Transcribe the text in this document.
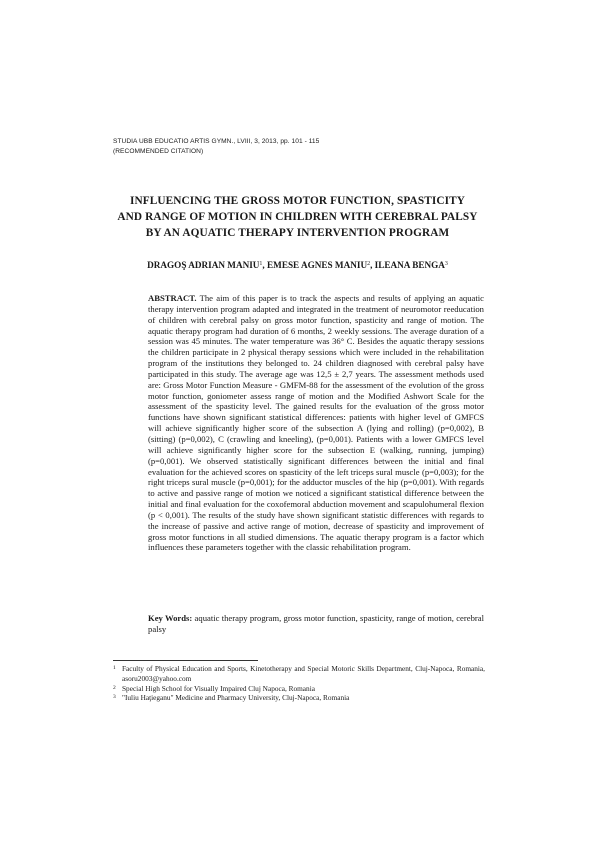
STUDIA UBB EDUCATIO ARTIS GYMN., LVIII, 3, 2013, pp. 101 - 115
(RECOMMENDED CITATION)
INFLUENCING THE GROSS MOTOR FUNCTION, SPASTICITY
AND RANGE OF MOTION IN CHILDREN WITH CEREBRAL PALSY
BY AN AQUATIC THERAPY INTERVENTION PROGRAM
DRAGOŞ ADRIAN MANIU$^1$, EMESE AGNES MANIU$^2$, ILEANA BENGA$^3$
ABSTRACT. The aim of this paper is to track the aspects and results of applying an aquatic therapy intervention program adapted and integrated in the treatment of neuromotor reeducation of children with cerebral palsy on gross motor function, spasticity and range of motion. The aquatic therapy program had duration of 6 months, 2 weekly sessions. The average duration of a session was 45 minutes. The water temperature was 36° C. Besides the aquatic therapy sessions the children participate in 2 physical therapy sessions which were included in the rehabilitation program of the institutions they belonged to. 24 children diagnosed with cerebral palsy have participated in this study. The average age was 12,5 ± 2,7 years. The assessment methods used are: Gross Motor Function Measure - GMFM-88 for the assessment of the evolution of the gross motor function, goniometer assess range of motion and the Modified Ashwort Scale for the assessment of the spasticity level. The gained results for the evaluation of the gross motor functions have shown significant statistical differences: patients with higher level of GMFCS will achieve significantly higher score of the subsection A (lying and rolling) (p=0,002), B (sitting) (p=0,002), C (crawling and kneeling), (p=0,001). Patients with a lower GMFCS level will achieve significantly higher score for the subsection E (walking, running, jumping) (p=0,001). We observed statistically significant differences between the initial and final evaluation for the achieved scores on spasticity of the left triceps sural muscle (p=0,003); for the right triceps sural muscle (p=0,001); for the adductor muscles of the hip (p=0,001). With regards to active and passive range of motion we noticed a significant statistical difference between the initial and final evaluation for the coxofemoral abduction movement and scapulohumeral flexion (p < 0,001). The results of the study have shown significant statistic differences with regards to the increase of passive and active range of motion, decrease of spasticity and improvement of gross motor functions in all studied dimensions. The aquatic therapy program is a factor which influences these parameters together with the classic rehabilitation program.
Key Words: aquatic therapy program, gross motor function, spasticity, range of motion, cerebral palsy
1 Faculty of Physical Education and Sports, Kinetotherapy and Special Motoric Skills Department, Cluj-Napoca, Romania, asoru2003@yahoo.com
2 Special High School for Visually Impaired Cluj Napoca, Romania
3 "Iuliu Haţieganu" Medicine and Pharmacy University, Cluj-Napoca, Romania
